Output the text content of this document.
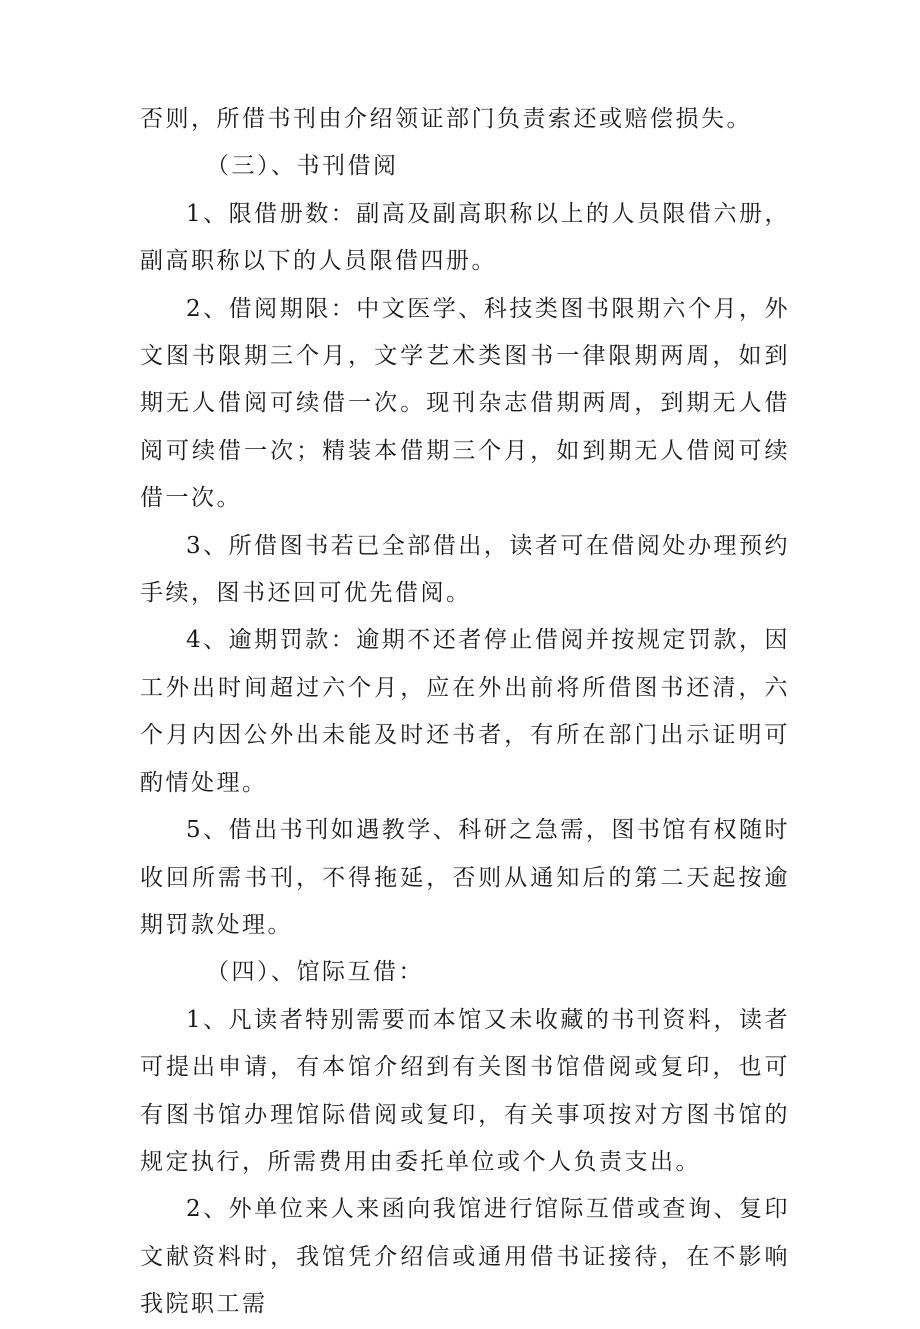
否则，所借书刊由介绍领证部门负责索还或赔偿损失。

（三）、书刊借阅

1、限借册数：副高及副高职称以上的人员限借六册，副高职称以下的人员限借四册。

2、借阅期限：中文医学、科技类图书限期六个月，外文图书限期三个月，文学艺术类图书一律限期两周，如到期无人借阅可续借一次。现刊杂志借期两周，到期无人借阅可续借一次；精装本借期三个月，如到期无人借阅可续借一次。

3、所借图书若已全部借出，读者可在借阅处办理预约手续，图书还回可优先借阅。

4、逾期罚款：逾期不还者停止借阅并按规定罚款，因工外出时间超过六个月，应在外出前将所借图书还清，六个月内因公外出未能及时还书者，有所在部门出示证明可酌情处理。

5、借出书刊如遇教学、科研之急需，图书馆有权随时收回所需书刊，不得拖延，否则从通知后的第二天起按逾期罚款处理。

（四）、馆际互借：

1、凡读者特别需要而本馆又未收藏的书刊资料，读者可提出申请，有本馆介绍到有关图书馆借阅或复印，也可有图书馆办理馆际借阅或复印，有关事项按对方图书馆的规定执行，所需费用由委托单位或个人负责支出。

2、外单位来人来函向我馆进行馆际互借或查询、复印文献资料时，我馆凭介绍信或通用借书证接待，在不影响我院职工需
